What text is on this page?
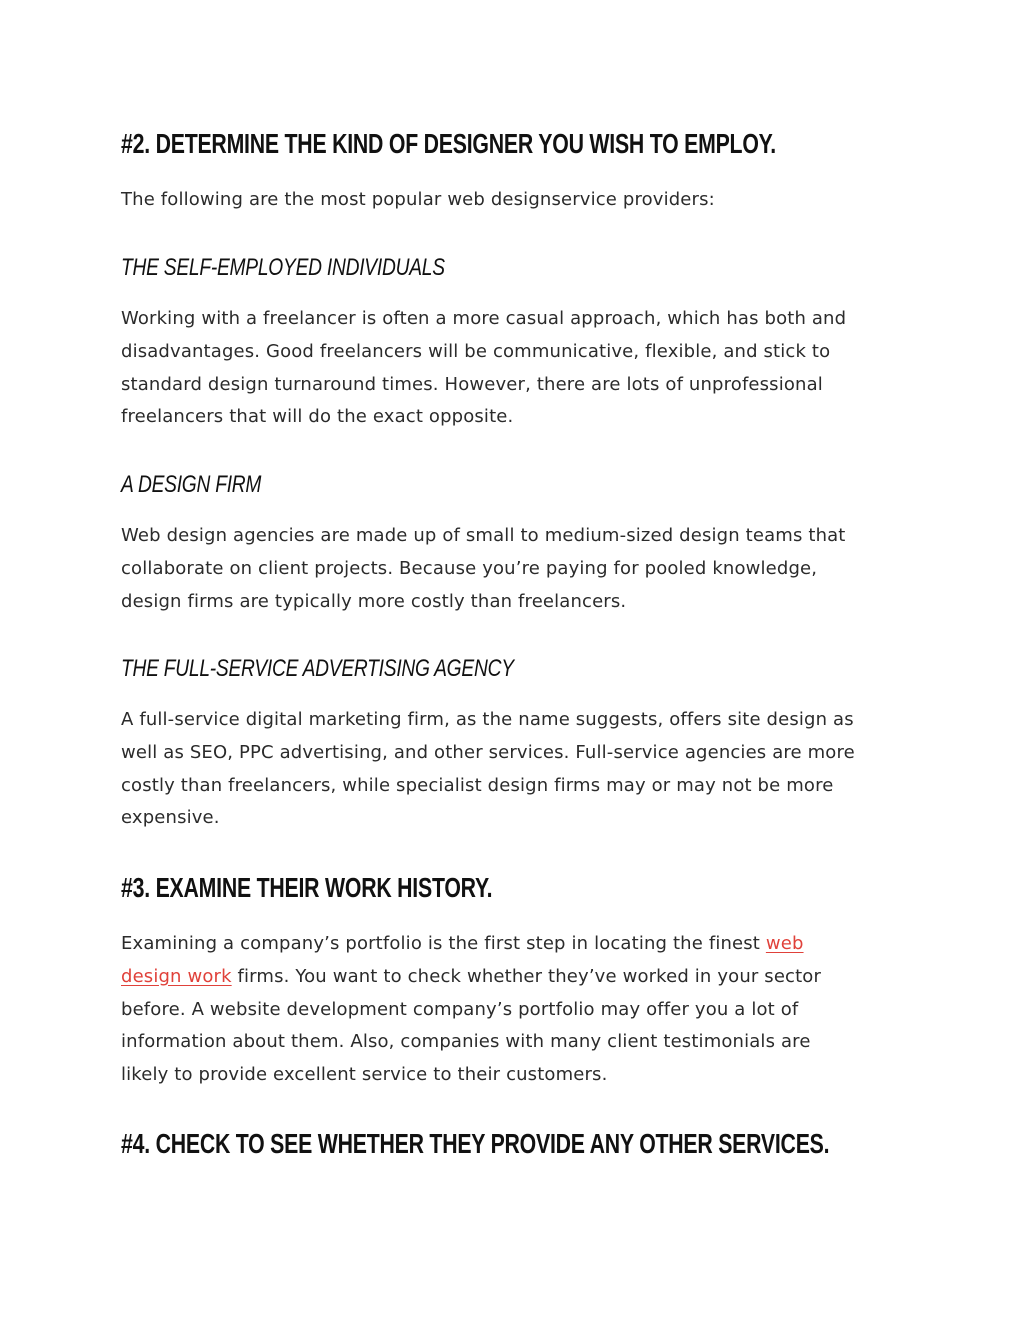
#2. DETERMINE THE KIND OF DESIGNER YOU WISH TO EMPLOY.

The following are the most popular web designservice providers:

THE SELF-EMPLOYED INDIVIDUALS

Working with a freelancer is often a more casual approach, which has both and
disadvantages. Good freelancers will be communicative, flexible, and stick to
standard design turnaround times. However, there are lots of unprofessional
freelancers that will do the exact opposite.

A DESIGN FIRM

Web design agencies are made up of small to medium-sized design teams that
collaborate on client projects. Because you’re paying for pooled knowledge,
design firms are typically more costly than freelancers.

THE FULL-SERVICE ADVERTISING AGENCY

A full-service digital marketing firm, as the name suggests, offers site design as
well as SEO, PPC advertising, and other services. Full-service agencies are more
costly than freelancers, while specialist design firms may or may not be more
expensive.

#3. EXAMINE THEIR WORK HISTORY.

Examining a company’s portfolio is the first step in locating the finest web
design work firms. You want to check whether they’ve worked in your sector
before. A website development company’s portfolio may offer you a lot of
information about them. Also, companies with many client testimonials are
likely to provide excellent service to their customers.

#4. CHECK TO SEE WHETHER THEY PROVIDE ANY OTHER SERVICES.
